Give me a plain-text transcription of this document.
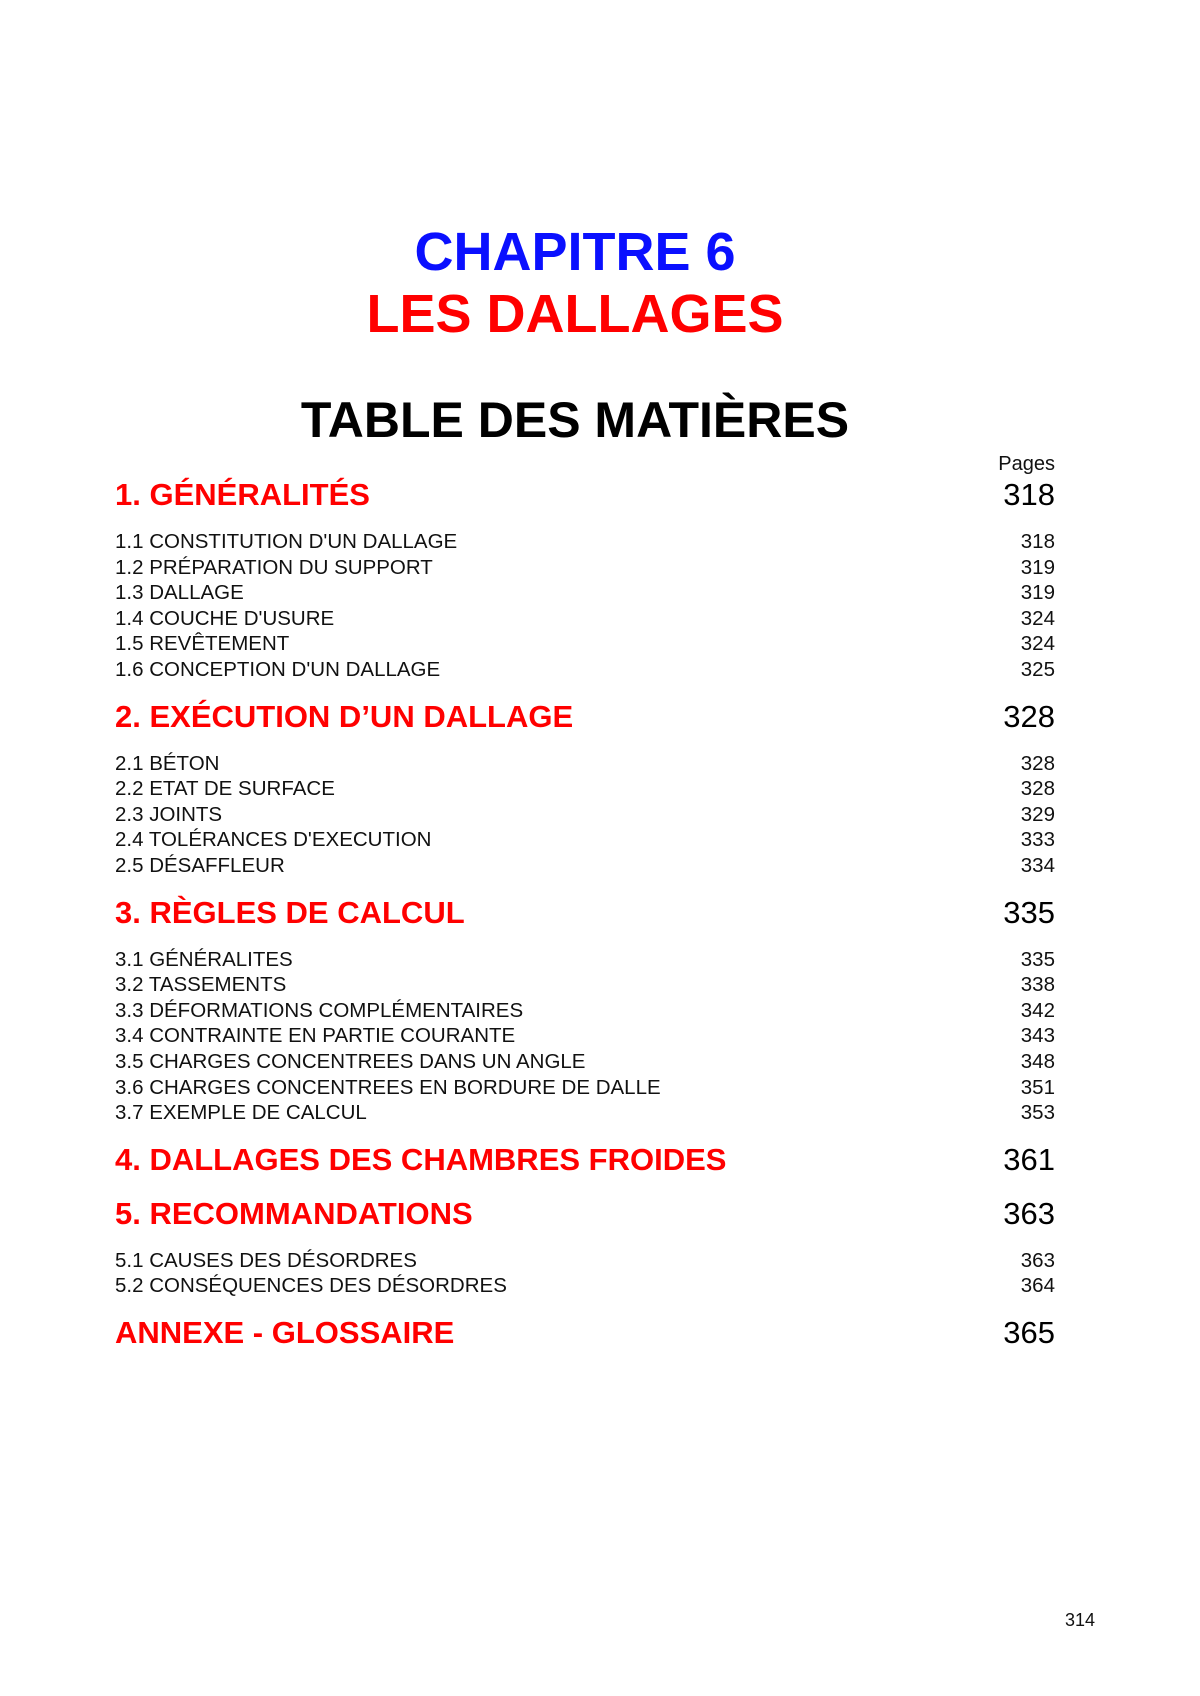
CHAPITRE 6
LES DALLAGES
TABLE DES MATIÈRES
Pages
1. GÉNÉRALITÉS	318
1.1 CONSTITUTION D'UN DALLAGE	318
1.2 PRÉPARATION DU SUPPORT	319
1.3 DALLAGE	319
1.4 COUCHE D'USURE	324
1.5 REVÊTEMENT	324
1.6 CONCEPTION D'UN DALLAGE	325
2. EXÉCUTION D’UN DALLAGE	328
2.1 BÉTON	328
2.2 ETAT DE SURFACE	328
2.3 JOINTS	329
2.4 TOLÉRANCES D'EXECUTION	333
2.5 DÉSAFFLEUR	334
3. RÈGLES DE CALCUL	335
3.1 GÉNÉRALITES	335
3.2 TASSEMENTS	338
3.3 DÉFORMATIONS COMPLÉMENTAIRES	342
3.4 CONTRAINTE EN PARTIE COURANTE	343
3.5 CHARGES CONCENTREES DANS UN ANGLE	348
3.6 CHARGES CONCENTREES EN BORDURE DE DALLE	351
3.7 EXEMPLE DE CALCUL	353
4. DALLAGES DES CHAMBRES FROIDES	361
5. RECOMMANDATIONS	363
5.1 CAUSES DES DÉSORDRES	363
5.2 CONSÉQUENCES DES DÉSORDRES	364
ANNEXE - GLOSSAIRE	365
314
